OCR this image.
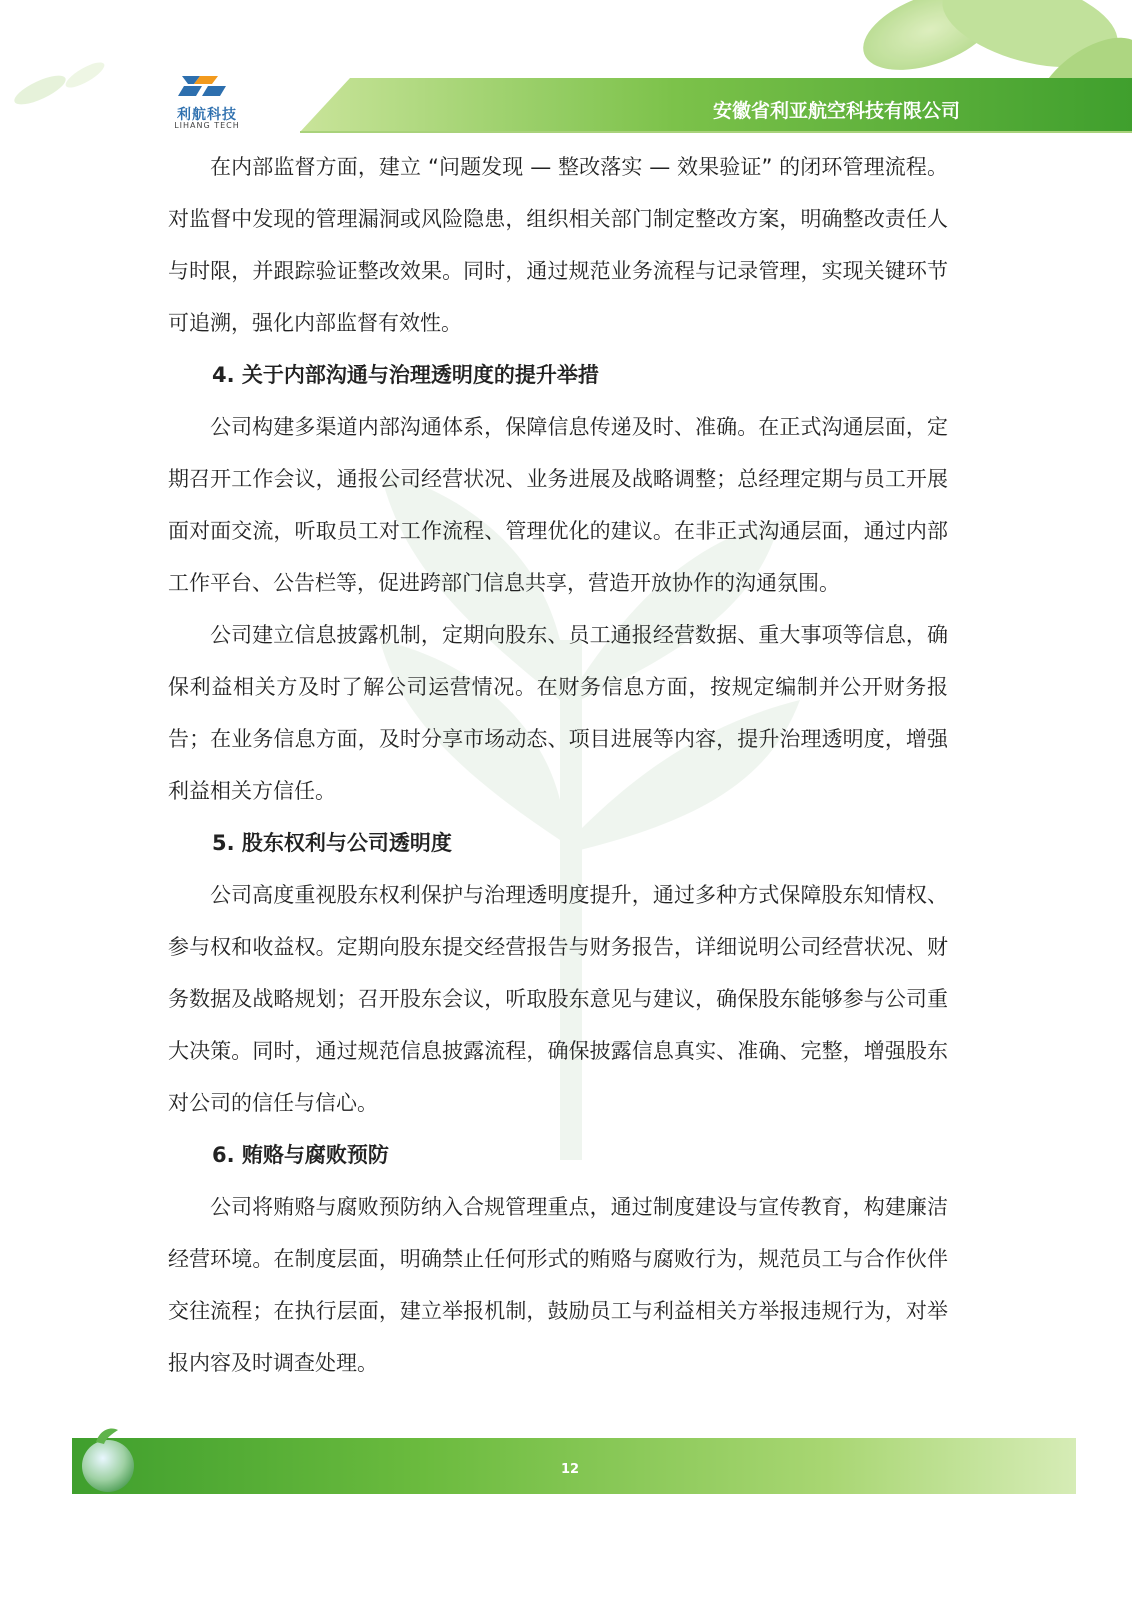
利航科技
LIHANG TECH
安徽省利亚航空科技有限公司

在内部监督方面，建立 “问题发现 — 整改落实 — 效果验证” 的闭环管理流程。对监督中发现的管理漏洞或风险隐患，组织相关部门制定整改方案，明确整改责任人与时限，并跟踪验证整改效果。同时，通过规范业务流程与记录管理，实现关键环节可追溯，强化内部监督有效性。

4. 关于内部沟通与治理透明度的提升举措

公司构建多渠道内部沟通体系，保障信息传递及时、准确。在正式沟通层面，定期召开工作会议，通报公司经营状况、业务进展及战略调整；总经理定期与员工开展面对面交流，听取员工对工作流程、管理优化的建议。在非正式沟通层面，通过内部工作平台、公告栏等，促进跨部门信息共享，营造开放协作的沟通氛围。

公司建立信息披露机制，定期向股东、员工通报经营数据、重大事项等信息，确保利益相关方及时了解公司运营情况。在财务信息方面，按规定编制并公开财务报告；在业务信息方面，及时分享市场动态、项目进展等内容，提升治理透明度，增强利益相关方信任。

5. 股东权利与公司透明度

公司高度重视股东权利保护与治理透明度提升，通过多种方式保障股东知情权、参与权和收益权。定期向股东提交经营报告与财务报告，详细说明公司经营状况、财务数据及战略规划；召开股东会议，听取股东意见与建议，确保股东能够参与公司重大决策。同时，通过规范信息披露流程，确保披露信息真实、准确、完整，增强股东对公司的信任与信心。

6. 贿赂与腐败预防

公司将贿赂与腐败预防纳入合规管理重点，通过制度建设与宣传教育，构建廉洁经营环境。在制度层面，明确禁止任何形式的贿赂与腐败行为，规范员工与合作伙伴交往流程；在执行层面，建立举报机制，鼓励员工与利益相关方举报违规行为，对举报内容及时调查处理。

12
